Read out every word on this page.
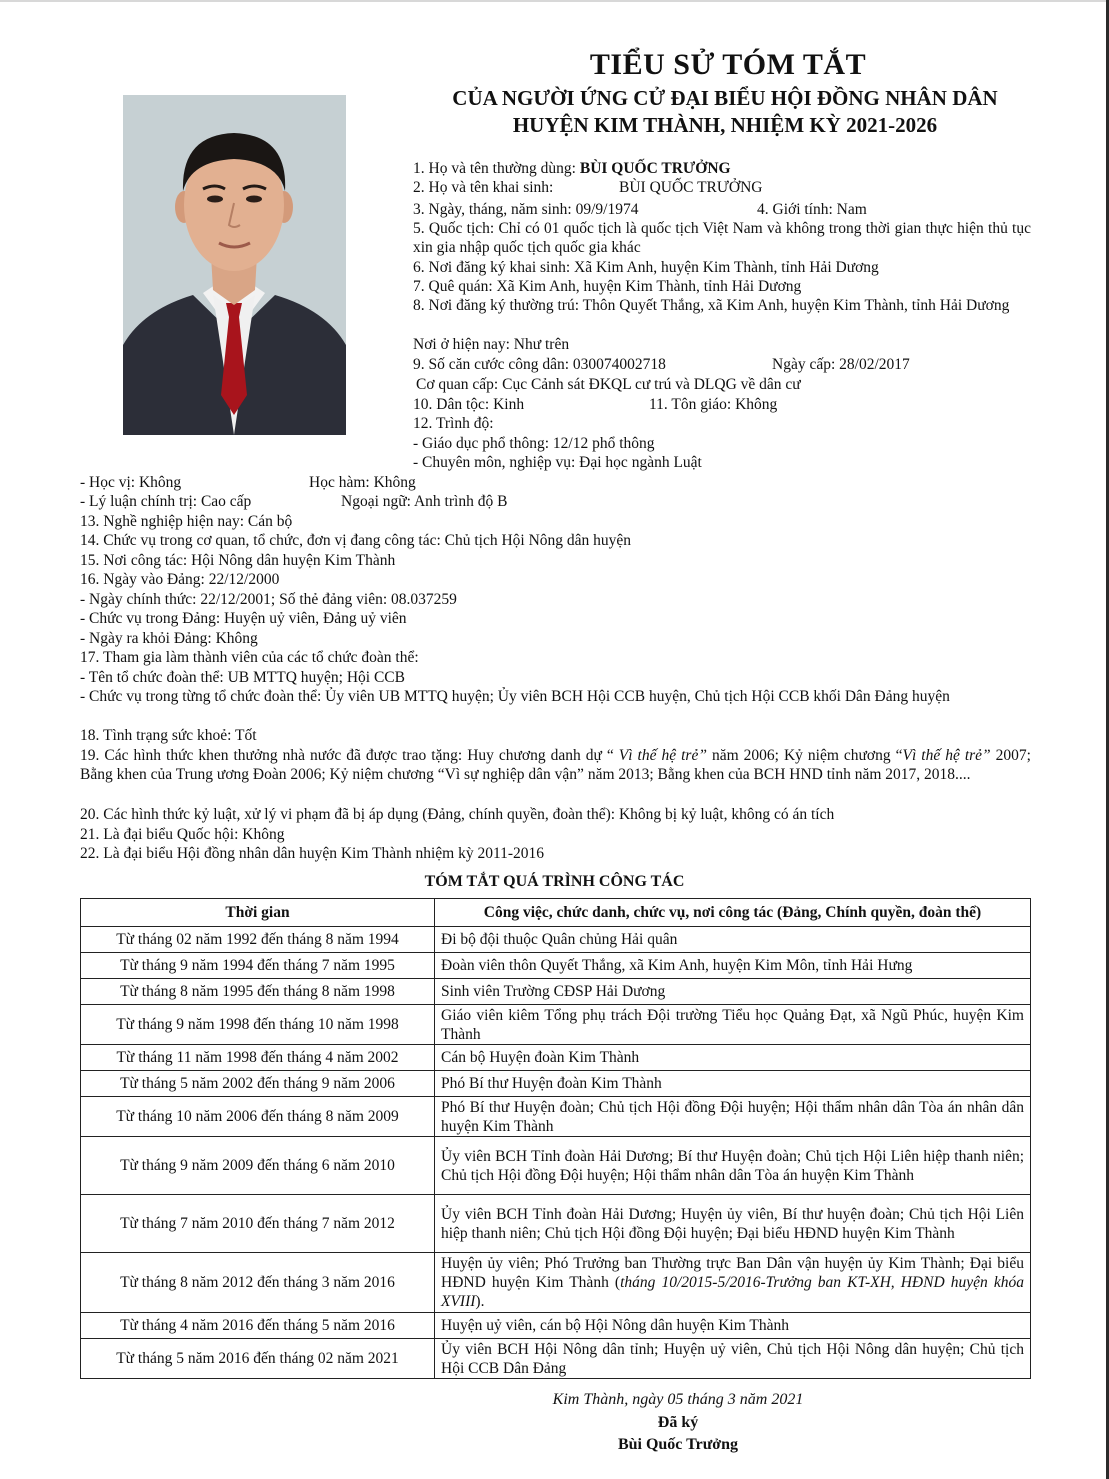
TIỂU SỬ TÓM TẮT
CỦA NGƯỜI ỨNG CỬ ĐẠI BIỂU HỘI ĐỒNG NHÂN DÂN
HUYỆN KIM THÀNH, NHIỆM KỲ 2021-2026
1. Họ và tên thường dùng: BÙI QUỐC TRƯỞNG
2. Họ và tên khai sinh:	BÙI QUỐC TRƯỞNG
3. Ngày, tháng, năm sinh: 09/9/1974	4. Giới tính: Nam
5. Quốc tịch: Chỉ có 01 quốc tịch là quốc tịch Việt Nam và không trong thời gian thực hiện thủ tục xin gia nhập quốc tịch quốc gia khác
6. Nơi đăng ký khai sinh: Xã Kim Anh, huyện Kim Thành, tỉnh Hải Dương
7. Quê quán: Xã Kim Anh, huyện Kim Thành, tỉnh Hải Dương
8. Nơi đăng ký thường trú: Thôn Quyết Thắng, xã Kim Anh, huyện Kim Thành, tỉnh Hải Dương
Nơi ở hiện nay: Như trên
9. Số căn cước công dân: 030074002718	Ngày cấp: 28/02/2017
Cơ quan cấp: Cục Cảnh sát ĐKQL cư trú và DLQG về dân cư
10. Dân tộc: Kinh	11. Tôn giáo: Không
12. Trình độ:
- Giáo dục phổ thông: 12/12 phổ thông
- Chuyên môn, nghiệp vụ: Đại học ngành Luật
- Học vị: Không	Học hàm: Không
- Lý luận chính trị: Cao cấp	Ngoại ngữ: Anh trình độ B
13. Nghề nghiệp hiện nay: Cán bộ
14. Chức vụ trong cơ quan, tổ chức, đơn vị đang công tác: Chủ tịch Hội Nông dân huyện
15. Nơi công tác: Hội Nông dân huyện Kim Thành
16. Ngày vào Đảng: 22/12/2000
- Ngày chính thức: 22/12/2001; Số thẻ đảng viên: 08.037259
- Chức vụ trong Đảng: Huyện uỷ viên, Đảng uỷ viên
- Ngày ra khỏi Đảng: Không
17. Tham gia làm thành viên của các tổ chức đoàn thể:
- Tên tổ chức đoàn thể: UB MTTQ huyện; Hội CCB
- Chức vụ trong từng tổ chức đoàn thể: Ủy viên UB MTTQ huyện; Ủy viên BCH Hội CCB huyện, Chủ tịch Hội CCB khối Dân Đảng huyện
18. Tình trạng sức khoẻ: Tốt
19. Các hình thức khen thưởng nhà nước đã được trao tặng: Huy chương danh dự “ Vì thế hệ trẻ” năm 2006; Kỷ niệm chương “Vì thế hệ trẻ” 2007; Bằng khen của Trung ương Đoàn 2006; Kỷ niệm chương “Vì sự nghiệp dân vận” năm 2013; Bằng khen của BCH HND tỉnh năm 2017, 2018....
20. Các hình thức kỷ luật, xử lý vi phạm đã bị áp dụng (Đảng, chính quyền, đoàn thể): Không bị kỷ luật, không có án tích
21. Là đại biểu Quốc hội: Không
22. Là đại biểu Hội đồng nhân dân huyện Kim Thành nhiệm kỳ 2011-2016
TÓM TẮT QUÁ TRÌNH CÔNG TÁC
Thời gian	Công việc, chức danh, chức vụ, nơi công tác (Đảng, Chính quyền, đoàn thể)
Từ tháng 02 năm 1992 đến tháng 8 năm 1994	Đi bộ đội thuộc Quân chủng Hải quân
Từ tháng 9 năm 1994 đến tháng 7 năm 1995	Đoàn viên thôn Quyết Thắng, xã Kim Anh, huyện Kim Môn, tỉnh Hải Hưng
Từ tháng 8 năm 1995 đến tháng 8 năm 1998	Sinh viên Trường CĐSP Hải Dương
Từ tháng 9 năm 1998 đến tháng 10 năm 1998	Giáo viên kiêm Tổng phụ trách Đội trường Tiểu học Quảng Đạt, xã Ngũ Phúc, huyện Kim Thành
Từ tháng 11 năm 1998 đến tháng 4 năm 2002	Cán bộ Huyện đoàn Kim Thành
Từ tháng 5 năm 2002 đến tháng 9 năm 2006	Phó Bí thư Huyện đoàn Kim Thành
Từ tháng 10 năm 2006 đến tháng 8 năm 2009	Phó Bí thư Huyện đoàn; Chủ tịch Hội đồng Đội huyện; Hội thẩm nhân dân Tòa án nhân dân huyện Kim Thành
Từ tháng 9 năm 2009 đến tháng 6 năm 2010	Ủy viên BCH Tỉnh đoàn Hải Dương; Bí thư Huyện đoàn; Chủ tịch Hội Liên hiệp thanh niên; Chủ tịch Hội đồng Đội huyện; Hội thẩm nhân dân Tòa án huyện Kim Thành
Từ tháng 7 năm 2010 đến tháng 7 năm 2012	Ủy viên BCH Tỉnh đoàn Hải Dương; Huyện ủy viên, Bí thư huyện đoàn; Chủ tịch Hội Liên hiệp thanh niên; Chủ tịch Hội đồng Đội huyện; Đại biểu HĐND huyện Kim Thành
Từ tháng 8 năm 2012 đến tháng 3 năm 2016	Huyện ủy viên; Phó Trưởng ban Thường trực Ban Dân vận huyện ủy Kim Thành; Đại biểu HĐND huyện Kim Thành (tháng 10/2015-5/2016-Trưởng ban KT-XH, HĐND huyện khóa XVIII).
Từ tháng 4 năm 2016 đến tháng 5 năm 2016	Huyện uỷ viên, cán bộ Hội Nông dân huyện Kim Thành
Từ tháng 5 năm 2016 đến tháng 02 năm 2021	Ủy viên BCH Hội Nông dân tỉnh; Huyện uỷ viên, Chủ tịch Hội Nông dân huyện; Chủ tịch Hội CCB Dân Đảng
Kim Thành, ngày 05 tháng 3 năm 2021
Đã ký
Bùi Quốc Trưởng
